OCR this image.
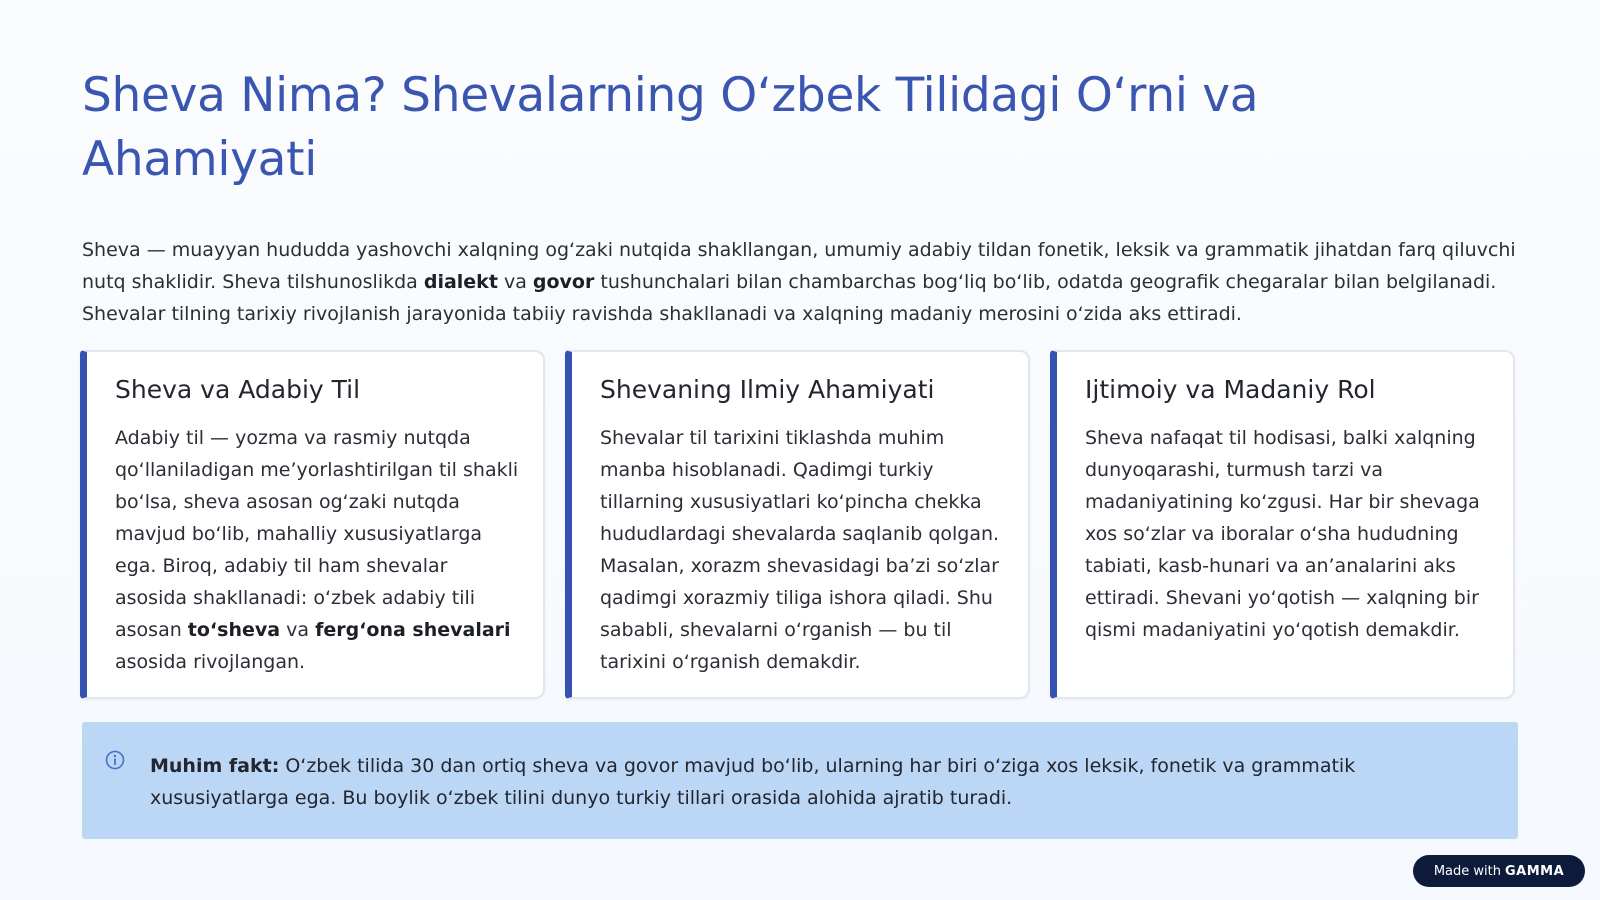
Sheva Nima? Shevalarning O‘zbek Tilidagi O‘rni va Ahamiyati

Sheva — muayyan hududda yashovchi xalqning og‘zaki nutqida shakllangan, umumiy adabiy tildan fonetik, leksik va grammatik jihatdan farq qiluvchi nutq shaklidir. Sheva tilshunoslikda dialekt va govor tushunchalari bilan chambarchas bog‘liq bo‘lib, odatda geografik chegaralar bilan belgilanadi. Shevalar tilning tarixiy rivojlanish jarayonida tabiiy ravishda shakllanadi va xalqning madaniy merosini o‘zida aks ettiradi.

Sheva va Adabiy Til

Adabiy til — yozma va rasmiy nutqda qo‘llaniladigan me’yorlashtirilgan til shakli bo‘lsa, sheva asosan og‘zaki nutqda mavjud bo‘lib, mahalliy xususiyatlarga ega. Biroq, adabiy til ham shevalar asosida shakllanadi: o‘zbek adabiy tili asosan to‘sheva va ferg‘ona shevalari asosida rivojlangan.

Shevaning Ilmiy Ahamiyati

Shevalar til tarixini tiklashda muhim manba hisoblanadi. Qadimgi turkiy tillarning xususiyatlari ko‘pincha chekka hududlardagi shevalarda saqlanib qolgan. Masalan, xorazm shevasidagi ba’zi so‘zlar qadimgi xorazmiy tiliga ishora qiladi. Shu sababli, shevalarni o‘rganish — bu til tarixini o‘rganish demakdir.

Ijtimoiy va Madaniy Rol

Sheva nafaqat til hodisasi, balki xalqning dunyoqarashi, turmush tarzi va madaniyatining ko‘zgusi. Har bir shevaga xos so‘zlar va iboralar o‘sha hududning tabiati, kasb-hunari va an’analarini aks ettiradi. Shevani yo‘qotish — xalqning bir qismi madaniyatini yo‘qotish demakdir.

Muhim fakt: O‘zbek tilida 30 dan ortiq sheva va govor mavjud bo‘lib, ularning har biri o‘ziga xos leksik, fonetik va grammatik xususiyatlarga ega. Bu boylik o‘zbek tilini dunyo turkiy tillari orasida alohida ajratib turadi.

Made with GAMMA
